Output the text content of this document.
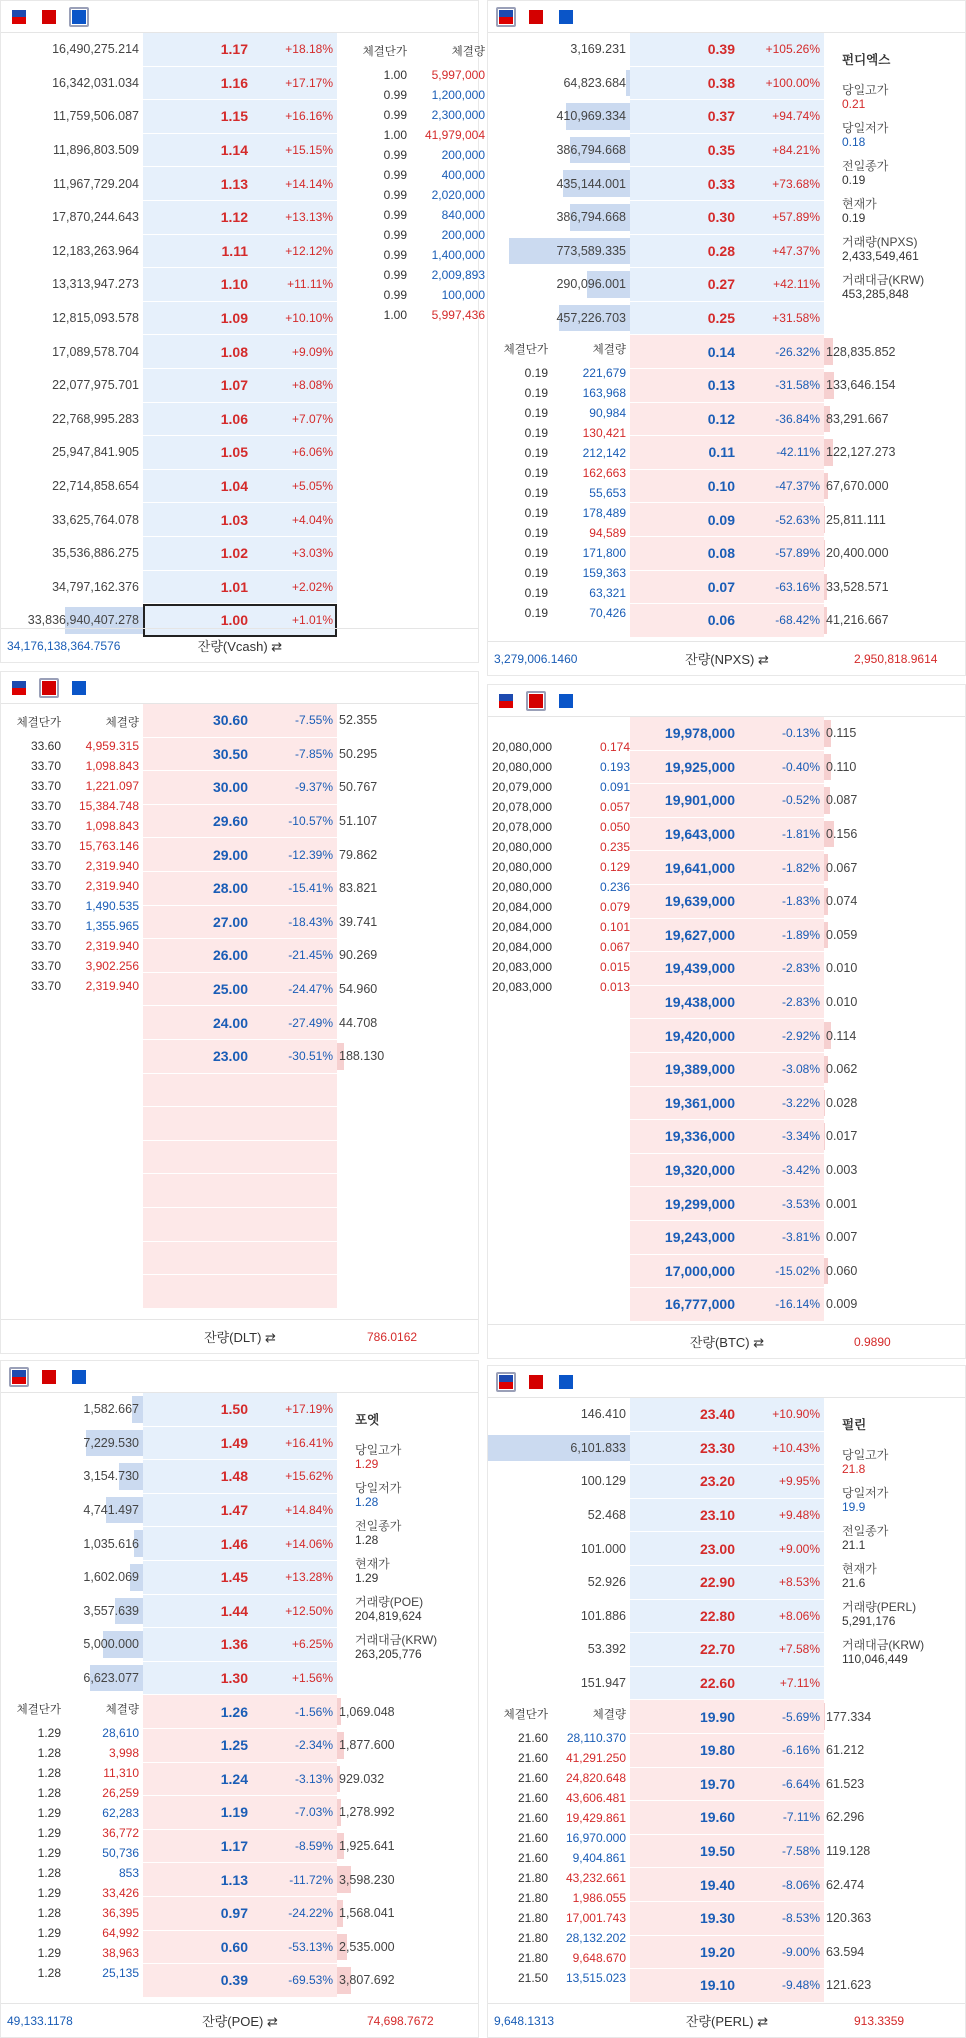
16,490,275.214	1.17	+18.18%
16,342,031.034	1.16	+17.17%
11,759,506.087	1.15	+16.16%
11,896,803.509	1.14	+15.15%
11,967,729.204	1.13	+14.14%
17,870,244.643	1.12	+13.13%
12,183,263.964	1.11	+12.12%
13,313,947.273	1.10	+11.11%
12,815,093.578	1.09	+10.10%
17,089,578.704	1.08	+9.09%
22,077,975.701	1.07	+8.08%
22,768,995.283	1.06	+7.07%
25,947,841.905	1.05	+6.06%
22,714,858.654	1.04	+5.05%
33,625,764.078	1.03	+4.04%
35,536,886.275	1.02	+3.03%
34,797,162.376	1.01	+2.02%
33,836,940,407.278	1.00	+1.01%
체결단가	체결량
1.00	5,997,000
0.99	1,200,000
0.99	2,300,000
1.00	41,979,004
0.99	200,000
0.99	400,000
0.99	2,020,000
0.99	840,000
0.99	200,000
0.99	1,400,000
0.99	2,009,893
0.99	100,000
1.00	5,997,436
34,176,138,364.7576	잔량(Vcash) ⇄
3,169.231	0.39	+105.26%
64,823.684	0.38	+100.00%
410,969.334	0.37	+94.74%
386,794.668	0.35	+84.21%
435,144.001	0.33	+73.68%
386,794.668	0.30	+57.89%
773,589.335	0.28	+47.37%
290,096.001	0.27	+42.11%
457,226.703	0.25	+31.58%
0.14	-26.32% 128,835.852
0.13	-31.58% 133,646.154
0.12	-36.84% 83,291.667
0.11	-42.11% 122,127.273
0.10	-47.37% 67,670.000
0.09	-52.63% 25,811.111
0.08	-57.89% 20,400.000
0.07	-63.16% 33,528.571
0.06	-68.42% 41,216.667
체결단가	체결량
0.19	221,679
0.19	163,968
0.19	90,984
0.19	130,421
0.19	212,142
0.19	162,663
0.19	55,653
0.19	178,489
0.19	94,589
0.19	171,800
0.19	159,363
0.19	63,321
0.19	70,426
펀디엑스
당일고가
0.21
당일저가
0.18
전일종가
0.19
현재가
0.19
거래량(NPXS)
2,433,549,461
거래대금(KRW)
453,285,848
3,279,006.1460	잔량(NPXS) ⇄	2,950,818.9614
30.60	-7.55% 52.355
30.50	-7.85% 50.295
30.00	-9.37% 50.767
29.60	-10.57% 51.107
29.00	-12.39% 79.862
28.00	-15.41% 83.821
27.00	-18.43% 39.741
26.00	-21.45% 90.269
25.00	-24.47% 54.960
24.00	-27.49% 44.708
23.00	-30.51% 188.130
체결단가	체결량
33.60	4,959.315
33.70	1,098.843
33.70	1,221.097
33.70	15,384.748
33.70	1,098.843
33.70	15,763.146
33.70	2,319.940
33.70	2,319.940
33.70	1,490.535
33.70	1,355.965
33.70	2,319.940
33.70	3,902.256
33.70	2,319.940
잔량(DLT) ⇄	786.0162
19,978,000	-0.13% 0.115
19,925,000	-0.40% 0.110
19,901,000	-0.52% 0.087
19,643,000	-1.81% 0.156
19,641,000	-1.82% 0.067
19,639,000	-1.83% 0.074
19,627,000	-1.89% 0.059
19,439,000	-2.83% 0.010
19,438,000	-2.83% 0.010
19,420,000	-2.92% 0.114
19,389,000	-3.08% 0.062
19,361,000	-3.22% 0.028
19,336,000	-3.34% 0.017
19,320,000	-3.42% 0.003
19,299,000	-3.53% 0.001
19,243,000	-3.81% 0.007
17,000,000	-15.02% 0.060
16,777,000	-16.14% 0.009
20,080,000	0.174
20,080,000	0.193
20,079,000	0.091
20,078,000	0.057
20,078,000	0.050
20,080,000	0.235
20,080,000	0.129
20,080,000	0.236
20,084,000	0.079
20,084,000	0.101
20,084,000	0.067
20,083,000	0.015
20,083,000	0.013
잔량(BTC) ⇄	0.9890
1,582.667	1.50	+17.19%
7,229.530	1.49	+16.41%
3,154.730	1.48	+15.62%
4,741.497	1.47	+14.84%
1,035.616	1.46	+14.06%
1,602.069	1.45	+13.28%
3,557.639	1.44	+12.50%
5,000.000	1.36	+6.25%
6,623.077	1.30	+1.56%
1.26	-1.56% 1,069.048
1.25	-2.34% 1,877.600
1.24	-3.13% 929.032
1.19	-7.03% 1,278.992
1.17	-8.59% 1,925.641
1.13	-11.72% 3,598.230
0.97	-24.22% 1,568.041
0.60	-53.13% 2,535.000
0.39	-69.53% 3,807.692
체결단가	체결량
1.29	28,610
1.28	3,998
1.28	11,310
1.28	26,259
1.29	62,283
1.29	36,772
1.29	50,736
1.28	853
1.29	33,426
1.28	36,395
1.29	64,992
1.29	38,963
1.28	25,135
포엣
당일고가
1.29
당일저가
1.28
전일종가
1.28
현재가
1.29
거래량(POE)
204,819,624
거래대금(KRW)
263,205,776
49,133.1178	잔량(POE) ⇄	74,698.7672
146.410	23.40	+10.90%
6,101.833	23.30	+10.43%
100.129	23.20	+9.95%
52.468	23.10	+9.48%
101.000	23.00	+9.00%
52.926	22.90	+8.53%
101.886	22.80	+8.06%
53.392	22.70	+7.58%
151.947	22.60	+7.11%
19.90	-5.69% 177.334
19.80	-6.16% 61.212
19.70	-6.64% 61.523
19.60	-7.11% 62.296
19.50	-7.58% 119.128
19.40	-8.06% 62.474
19.30	-8.53% 120.363
19.20	-9.00% 63.594
19.10	-9.48% 121.623
체결단가	체결량
21.60	28,110.370
21.60	41,291.250
21.60	24,820.648
21.60	43,606.481
21.60	19,429.861
21.60	16,970.000
21.60	9,404.861
21.80	43,232.661
21.80	1,986.055
21.80	17,001.743
21.80	28,132.202
21.80	9,648.670
21.50	13,515.023
펄린
당일고가
21.8
당일저가
19.9
전일종가
21.1
현재가
21.6
거래량(PERL)
5,291,176
거래대금(KRW)
110,046,449
9,648.1313	잔량(PERL) ⇄	913.3359
